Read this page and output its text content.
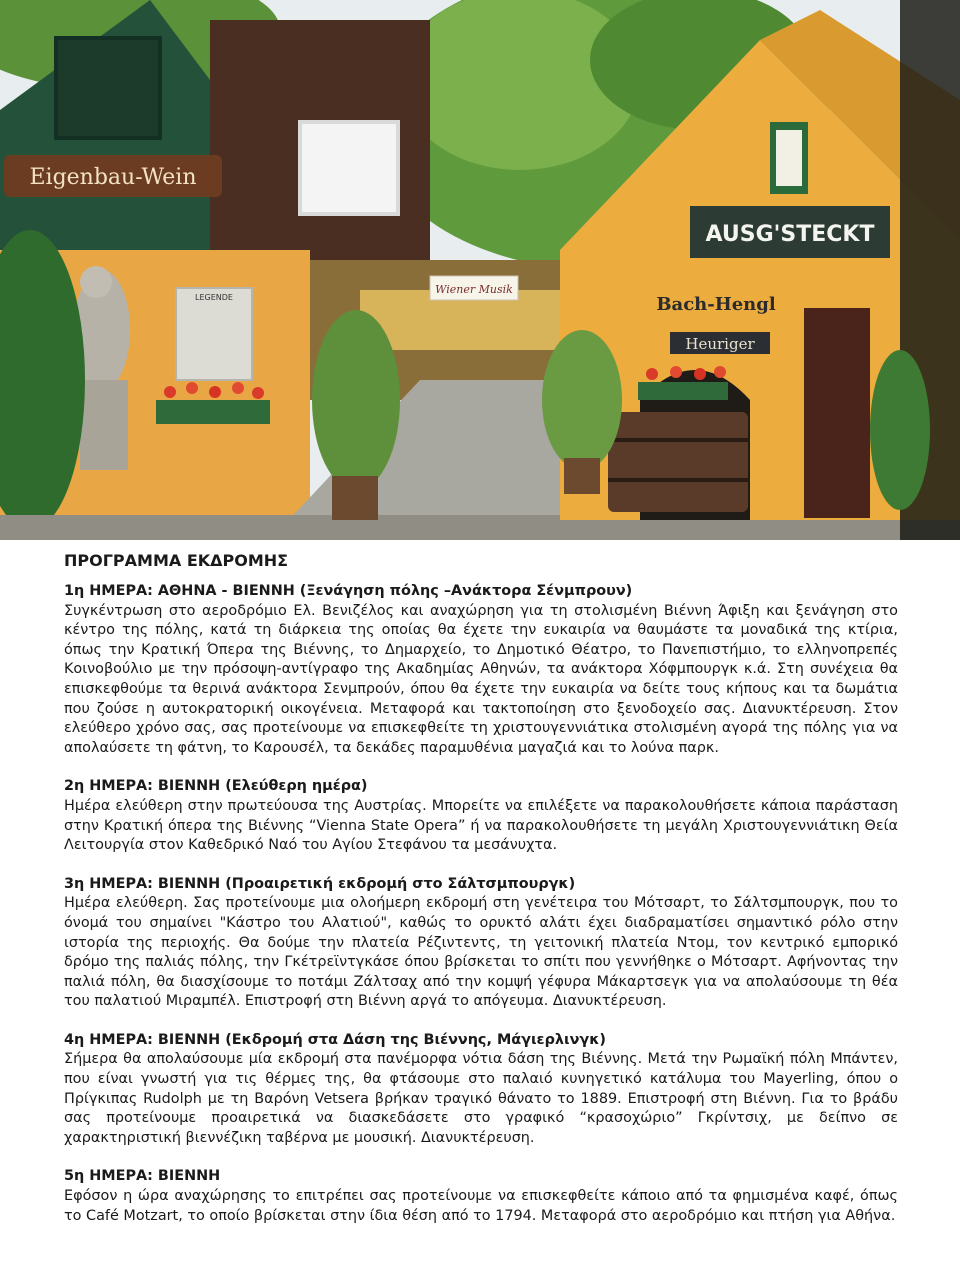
Eigenbau-Wein
LEGENDE
Wiener Musik
AUSG'STECKT
Bach-Hengl
Heuriger
ΠΡΟΓΡΑΜΜΑ ΕΚΔΡΟΜΗΣ

1η ΗΜΕΡΑ: ΑΘΗΝΑ - ΒΙΕΝΝΗ (Ξενάγηση πόλης –Ανάκτορα Σένμπρουν)

Συγκέντρωση στο αεροδρόμιο Ελ. Βενιζέλος και αναχώρηση για τη στολισμένη Βιέννη Άφιξη και ξενάγηση στο κέντρο της πόλης, κατά τη διάρκεια της οποίας θα έχετε την ευκαιρία να θαυμάστε τα μοναδικά της κτίρια, όπως την Κρατική Όπερα της Βιέννης, το Δημαρχείο, το Δημοτικό Θέατρο, το Πανεπιστήμιο, το ελληνοπρεπές Κοινοβούλιο με την πρόσοψη-αντίγραφο της Ακαδημίας Αθηνών, τα ανάκτορα Χόφμπουργκ κ.ά. Στη συνέχεια θα επισκεφθούμε τα θερινά ανάκτορα Σενμπρούν, όπου θα έχετε την ευκαιρία να δείτε τους κήπους και τα δωμάτια που ζούσε η αυτοκρατορική οικογένεια. Μεταφορά και τακτοποίηση στο ξενοδοχείο σας. Διανυκτέρευση. Στον ελεύθερο χρόνο σας, σας προτείνουμε να επισκεφθείτε τη χριστουγεννιάτικα στολισμένη αγορά της πόλης για να απολαύσετε τη φάτνη, το Καρουσέλ, τα δεκάδες παραμυθένια μαγαζιά και το λούνα παρκ.

2η ΗΜΕΡΑ: ΒΙΕΝΝΗ (Ελεύθερη ημέρα)

Ημέρα ελεύθερη στην πρωτεύουσα της Αυστρίας. Μπορείτε να επιλέξετε να παρακολουθήσετε κάποια παράσταση στην Κρατική όπερα της Βιέννης “Vienna State Opera” ή να παρακολουθήσετε τη μεγάλη Χριστουγεννιάτικη Θεία Λειτουργία στον Καθεδρικό Ναό του Αγίου Στεφάνου τα μεσάνυχτα.

3η ΗΜΕΡΑ: ΒΙΕΝΝΗ (Προαιρετική εκδρομή στο Σάλτσμπουργκ)

Ημέρα ελεύθερη. Σας προτείνουμε μια ολοήμερη εκδρομή στη γενέτειρα του Μότσαρτ, το Σάλτσμπουργκ, που το όνομά του σημαίνει "Κάστρο του Αλατιού", καθώς το ορυκτό αλάτι έχει διαδραματίσει σημαντικό ρόλο στην ιστορία της περιοχής. Θα δούμε την πλατεία Ρέζιντεντς, τη γειτονική πλατεία Ντομ, τον κεντρικό εμπορικό δρόμο της παλιάς πόλης, την Γκέτρεϊντγκάσε όπου βρίσκεται το σπίτι που γεννήθηκε ο Μότσαρτ. Αφήνοντας την παλιά πόλη, θα διασχίσουμε το ποτάμι Ζάλτσαχ από την κομψή γέφυρα Μάκαρτσεγκ για να απολαύσουμε τη θέα του παλατιού Μιραμπέλ. Επιστροφή στη Βιέννη αργά το απόγευμα. Διανυκτέρευση.

4η ΗΜΕΡΑ: ΒΙΕΝΝΗ (Εκδρομή στα Δάση της Βιέννης, Μάγιερλινγκ)

Σήμερα θα απολαύσουμε μία εκδρομή στα πανέμορφα νότια δάση της Βιέννης. Μετά την Ρωμαϊκή πόλη Μπάντεν, που είναι γνωστή για τις θέρμες της, θα φτάσουμε στο παλαιό κυνηγετικό κατάλυμα του Mayerling, όπου ο Πρίγκιπας Rudolph με τη Βαρόνη Vetsera βρήκαν τραγικό θάνατο το 1889. Επιστροφή στη Βιέννη. Για το βράδυ σας προτείνουμε προαιρετικά να διασκεδάσετε στο γραφικό “κρασοχώριο” Γκρίντσιχ, με δείπνο σε χαρακτηριστική βιεννέζικη ταβέρνα με μουσική. Διανυκτέρευση.

5η ΗΜΕΡΑ: ΒΙΕΝΝΗ

Εφόσον η ώρα αναχώρησης το επιτρέπει σας προτείνουμε να επισκεφθείτε κάποιο από τα φημισμένα καφέ, όπως το Café Motzart, το οποίο βρίσκεται στην ίδια θέση από το 1794. Μεταφορά στο αεροδρόμιο και πτήση για Αθήνα.
